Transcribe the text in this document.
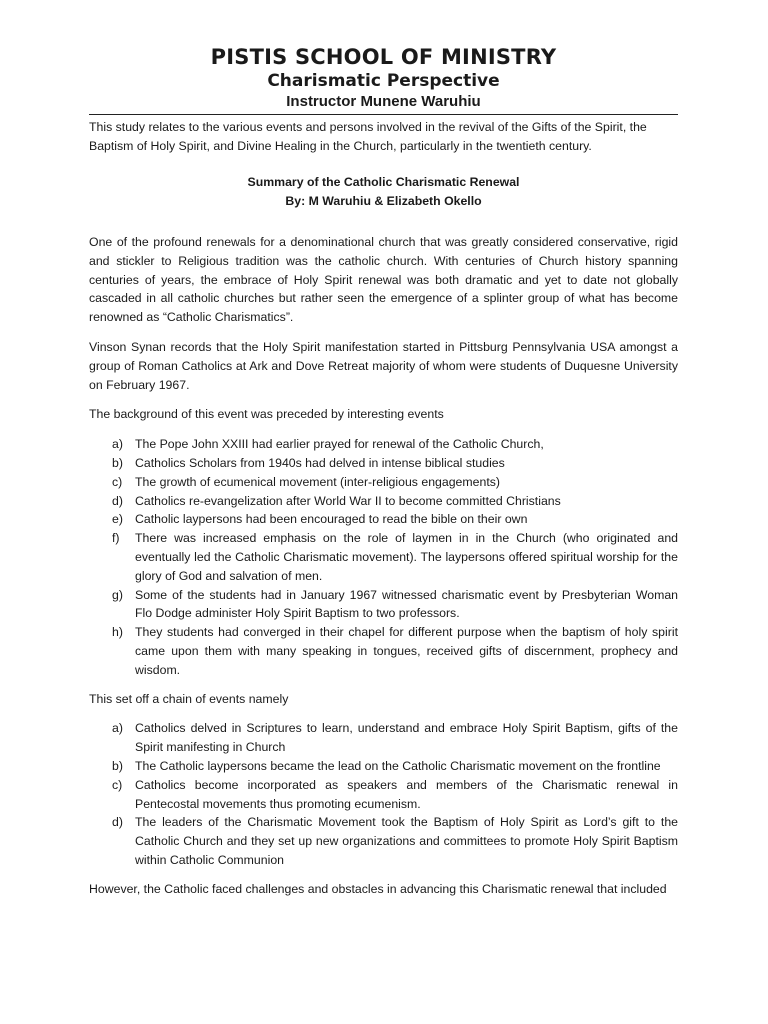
PISTIS SCHOOL OF MINISTRY
Charismatic Perspective
Instructor Munene Waruhiu

This study relates to the various events and persons involved in the revival of the Gifts of the Spirit, the Baptism of Holy Spirit, and Divine Healing in the Church, particularly in the twentieth century.

Summary of the Catholic Charismatic Renewal

By: M Waruhiu & Elizabeth Okello

One of the profound renewals for a denominational church that was greatly considered conservative, rigid and stickler to Religious tradition was the catholic church. With centuries of Church history spanning centuries of years, the embrace of Holy Spirit renewal was both dramatic and yet to date not globally cascaded in all catholic churches but rather seen the emergence of a splinter group of what has become renowned as “Catholic Charismatics”.

Vinson Synan records that the Holy Spirit manifestation started in Pittsburg Pennsylvania USA amongst a group of Roman Catholics at Ark and Dove Retreat majority of whom were students of Duquesne University on February 1967.

The background of this event was preceded by interesting events

a) The Pope John XXIII had earlier prayed for renewal of the Catholic Church,
b) Catholics Scholars from 1940s had delved in intense biblical studies
c) The growth of ecumenical movement (inter-religious engagements)
d) Catholics re-evangelization after World War II to become committed Christians
e) Catholic laypersons had been encouraged to read the bible on their own
f) There was increased emphasis on the role of laymen in in the Church (who originated and eventually led the Catholic Charismatic movement). The laypersons offered spiritual worship for the glory of God and salvation of men.
g) Some of the students had in January 1967 witnessed charismatic event by Presbyterian Woman Flo Dodge administer Holy Spirit Baptism to two professors.
h) They students had converged in their chapel for different purpose when the baptism of holy spirit came upon them with many speaking in tongues, received gifts of discernment, prophecy and wisdom.

This set off a chain of events namely

a) Catholics delved in Scriptures to learn, understand and embrace Holy Spirit Baptism, gifts of the Spirit manifesting in Church
b) The Catholic laypersons became the lead on the Catholic Charismatic movement on the frontline
c) Catholics become incorporated as speakers and members of the Charismatic renewal in Pentecostal movements thus promoting ecumenism.
d) The leaders of the Charismatic Movement took the Baptism of Holy Spirit as Lord’s gift to the Catholic Church and they set up new organizations and committees to promote Holy Spirit Baptism within Catholic Communion

However, the Catholic faced challenges and obstacles in advancing this Charismatic renewal that included
